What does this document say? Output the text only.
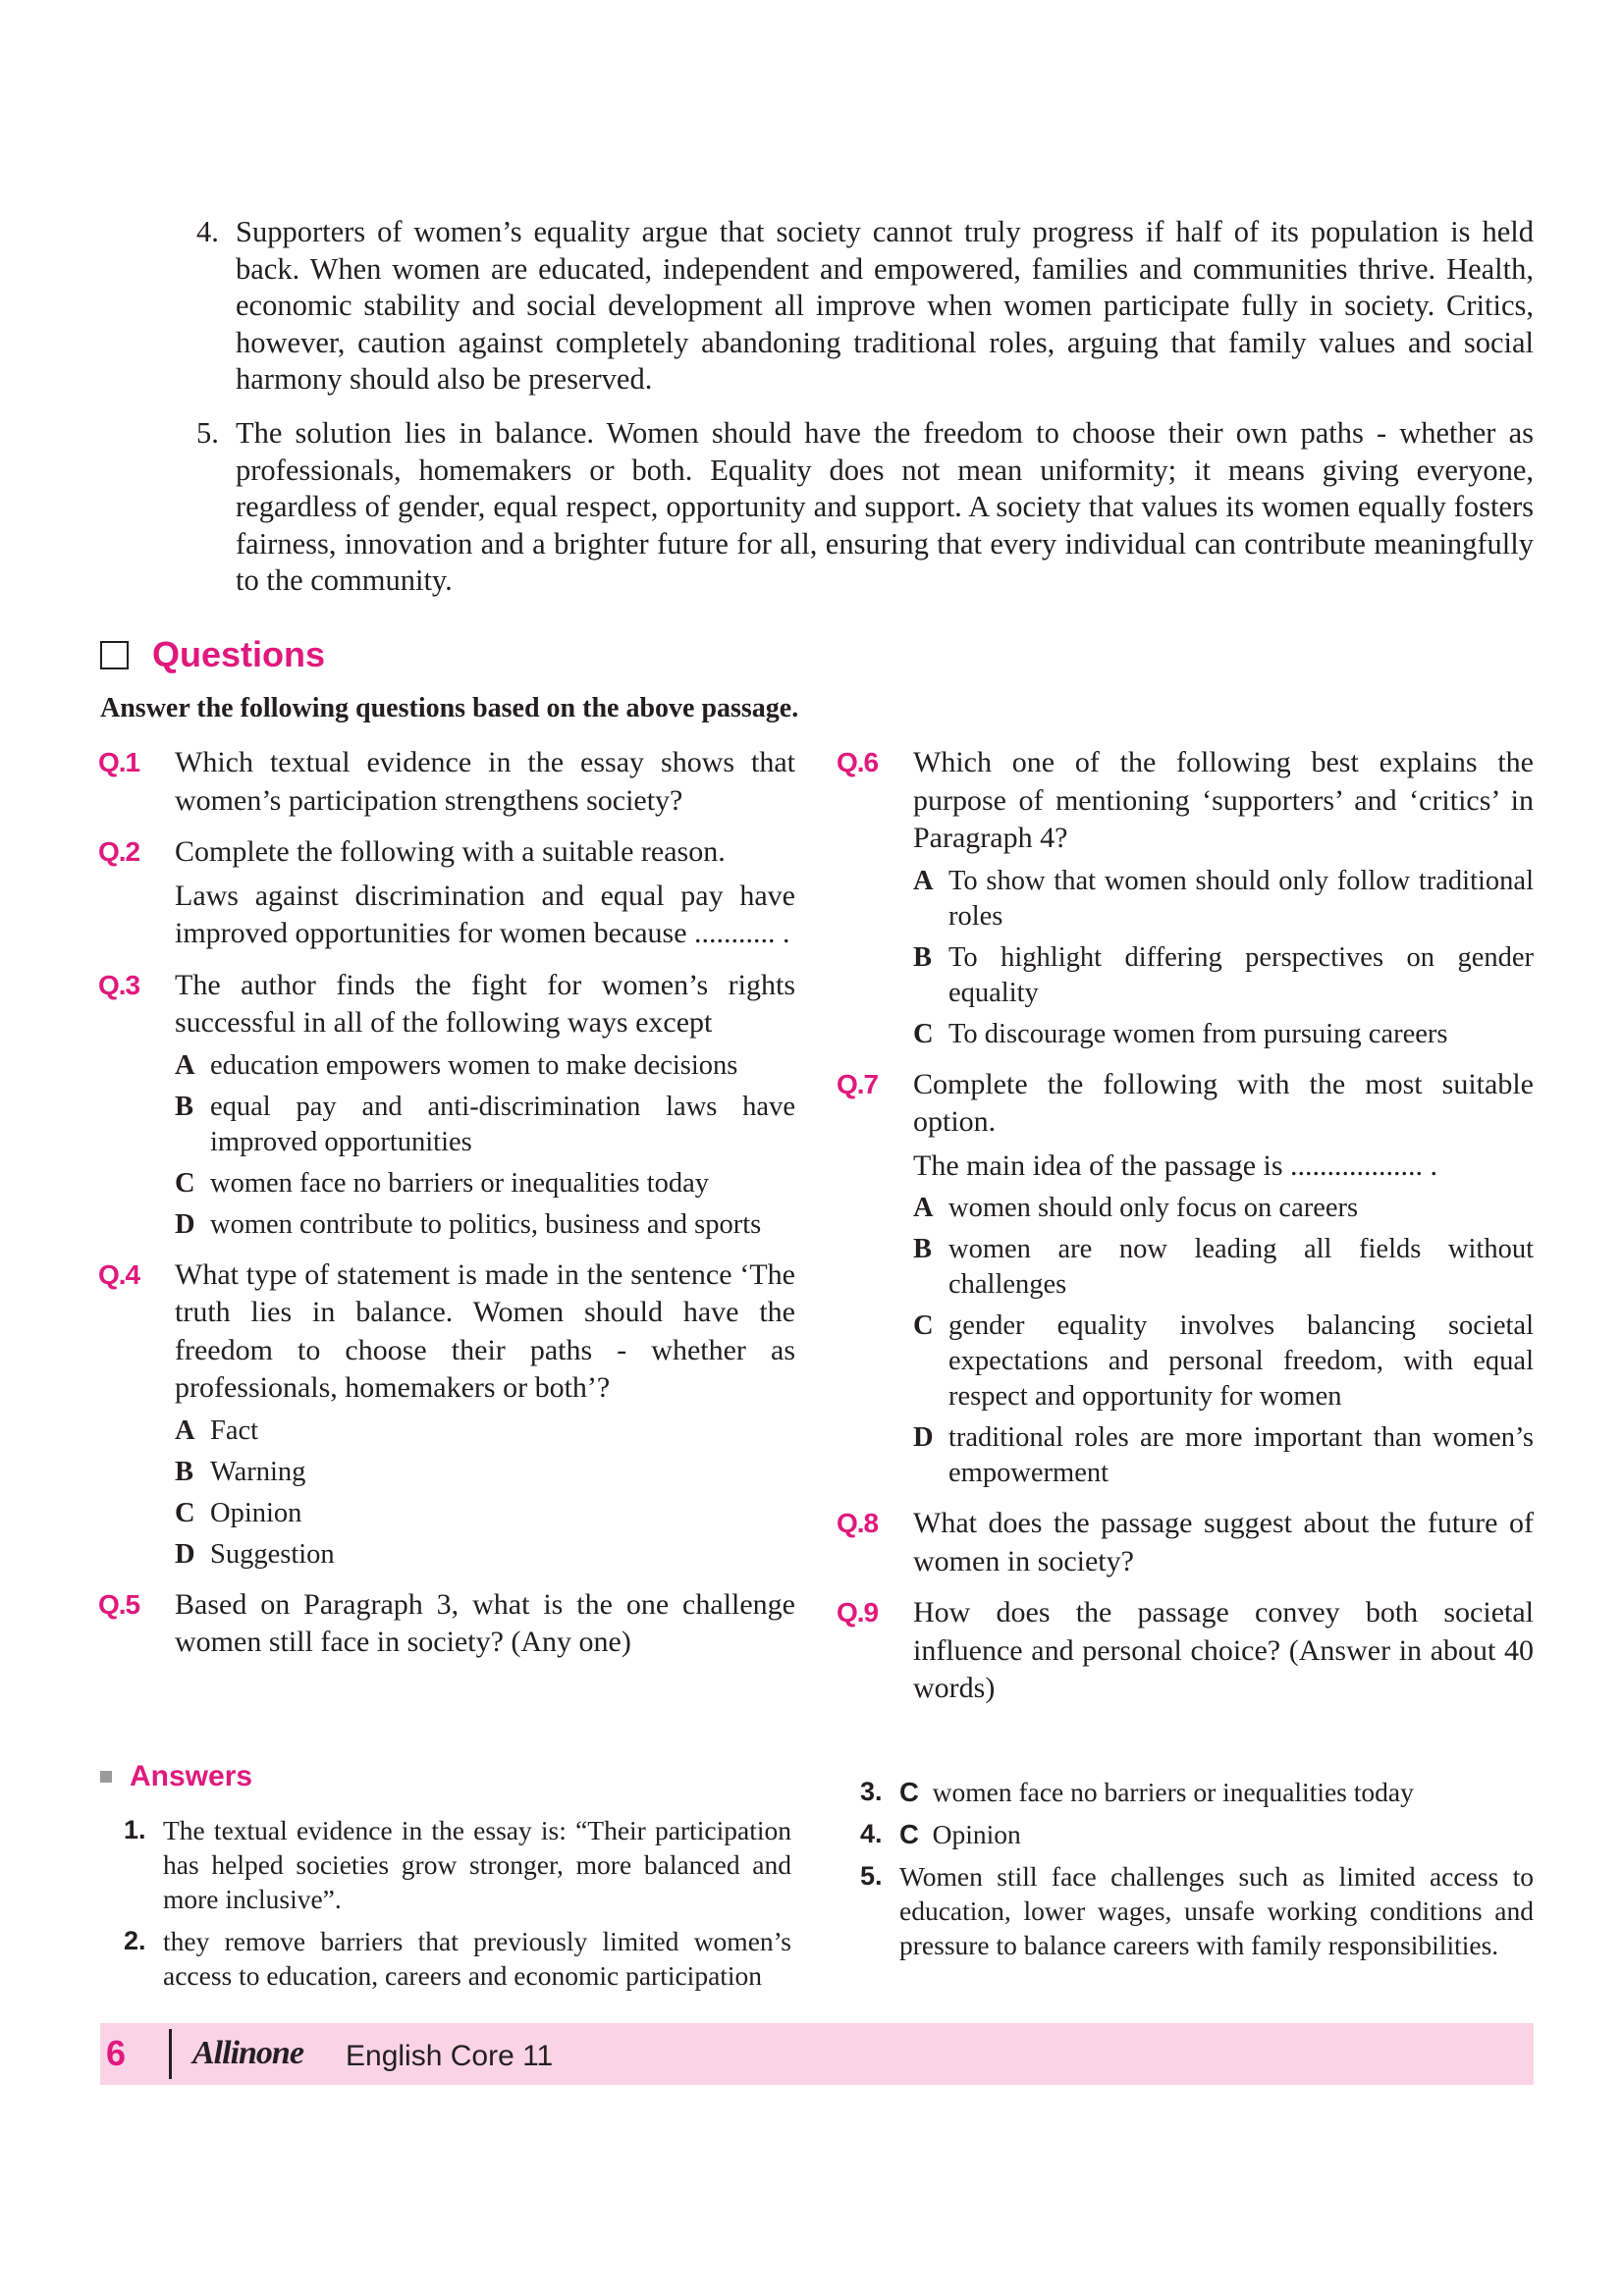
4. Supporters of women’s equality argue that society cannot truly progress if half of its population is held back. When women are educated, independent and empowered, families and communities thrive. Health, economic stability and social development all improve when women participate fully in society. Critics, however, caution against completely abandoning traditional roles, arguing that family values and social harmony should also be preserved.
5. The solution lies in balance. Women should have the freedom to choose their own paths - whether as professionals, homemakers or both. Equality does not mean uniformity; it means giving everyone, regardless of gender, equal respect, opportunity and support. A society that values its women equally fosters fairness, innovation and a brighter future for all, ensuring that every individual can contribute meaningfully to the community.
Questions
Answer the following questions based on the above passage.
Q.1 Which textual evidence in the essay shows that women’s participation strengthens society?
Q.2 Complete the following with a suitable reason.
Laws against discrimination and equal pay have improved opportunities for women because ........... .
Q.3 The author finds the fight for women’s rights successful in all of the following ways except
A education empowers women to make decisions
B equal pay and anti-discrimination laws have improved opportunities
C women face no barriers or inequalities today
D women contribute to politics, business and sports
Q.4 What type of statement is made in the sentence ‘The truth lies in balance. Women should have the freedom to choose their paths - whether as professionals, homemakers or both’?
A Fact
B Warning
C Opinion
D Suggestion
Q.5 Based on Paragraph 3, what is the one challenge women still face in society? (Any one)
Q.6 Which one of the following best explains the purpose of mentioning ‘supporters’ and ‘critics’ in Paragraph 4?
A To show that women should only follow traditional roles
B To highlight differing perspectives on gender equality
C To discourage women from pursuing careers
Q.7 Complete the following with the most suitable option.
The main idea of the passage is .................. .
A women should only focus on careers
B women are now leading all fields without challenges
C gender equality involves balancing societal expectations and personal freedom, with equal respect and opportunity for women
D traditional roles are more important than women’s empowerment
Q.8 What does the passage suggest about the future of women in society?
Q.9 How does the passage convey both societal influence and personal choice? (Answer in about 40 words)
Answers
1. The textual evidence in the essay is: “Their participation has helped societies grow stronger, more balanced and more inclusive”.
2. they remove barriers that previously limited women’s access to education, careers and economic participation
3. C women face no barriers or inequalities today
4. C Opinion
5. Women still face challenges such as limited access to education, lower wages, unsafe working conditions and pressure to balance careers with family responsibilities.
6 Allinone English Core 11
